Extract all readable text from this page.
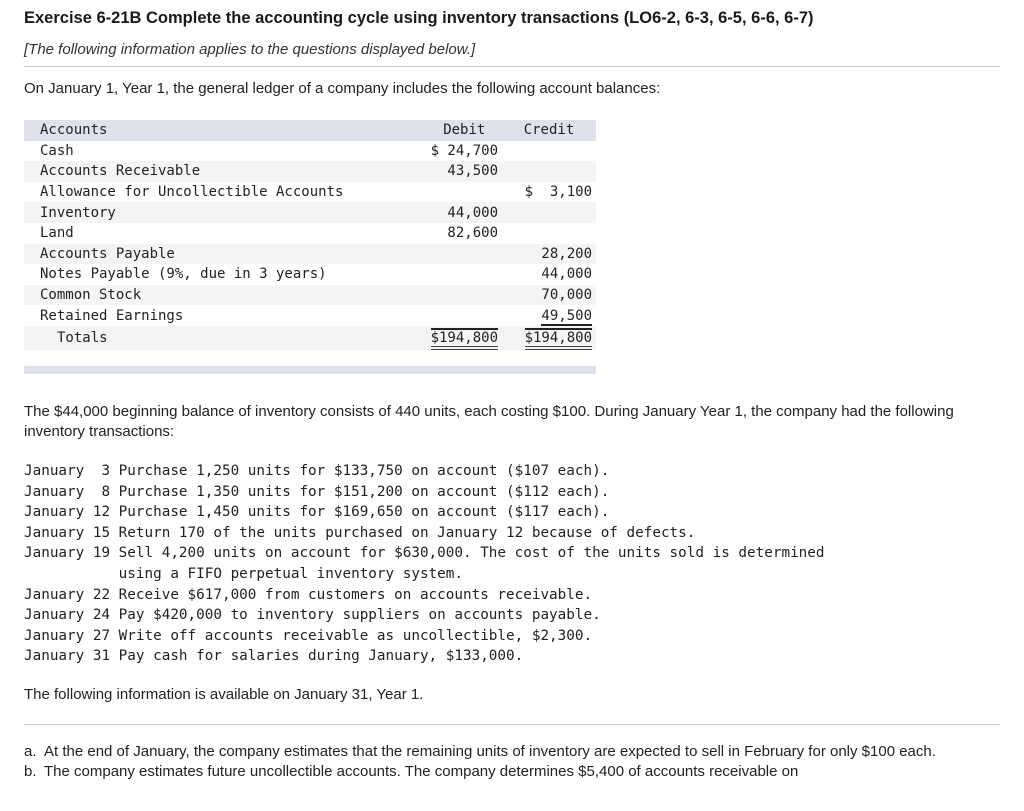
Exercise 6-21B Complete the accounting cycle using inventory transactions (LO6-2, 6-3, 6-5, 6-6, 6-7)
[The following information applies to the questions displayed below.]
On January 1, Year 1, the general ledger of a company includes the following account balances:
Accounts	Debit	Credit
Cash	$ 24,700	
Accounts Receivable	43,500	
Allowance for Uncollectible Accounts		$  3,100
Inventory	44,000	
Land	82,600	
Accounts Payable		28,200
Notes Payable (9%, due in 3 years)		44,000
Common Stock		70,000
Retained Earnings		49,500
Totals	$194,800	$194,800
The $44,000 beginning balance of inventory consists of 440 units, each costing $100. During January Year 1, the company had the following inventory transactions:
January  3 Purchase 1,250 units for $133,750 on account ($107 each).
January  8 Purchase 1,350 units for $151,200 on account ($112 each).
January 12 Purchase 1,450 units for $169,650 on account ($117 each).
January 15 Return 170 of the units purchased on January 12 because of defects.
January 19 Sell 4,200 units on account for $630,000. The cost of the units sold is determined
using a FIFO perpetual inventory system.
January 22 Receive $617,000 from customers on accounts receivable.
January 24 Pay $420,000 to inventory suppliers on accounts payable.
January 27 Write off accounts receivable as uncollectible, $2,300.
January 31 Pay cash for salaries during January, $133,000.
The following information is available on January 31, Year 1.
a. At the end of January, the company estimates that the remaining units of inventory are expected to sell in February for only $100 each.
b. The company estimates future uncollectible accounts. The company determines $5,400 of accounts receivable on
